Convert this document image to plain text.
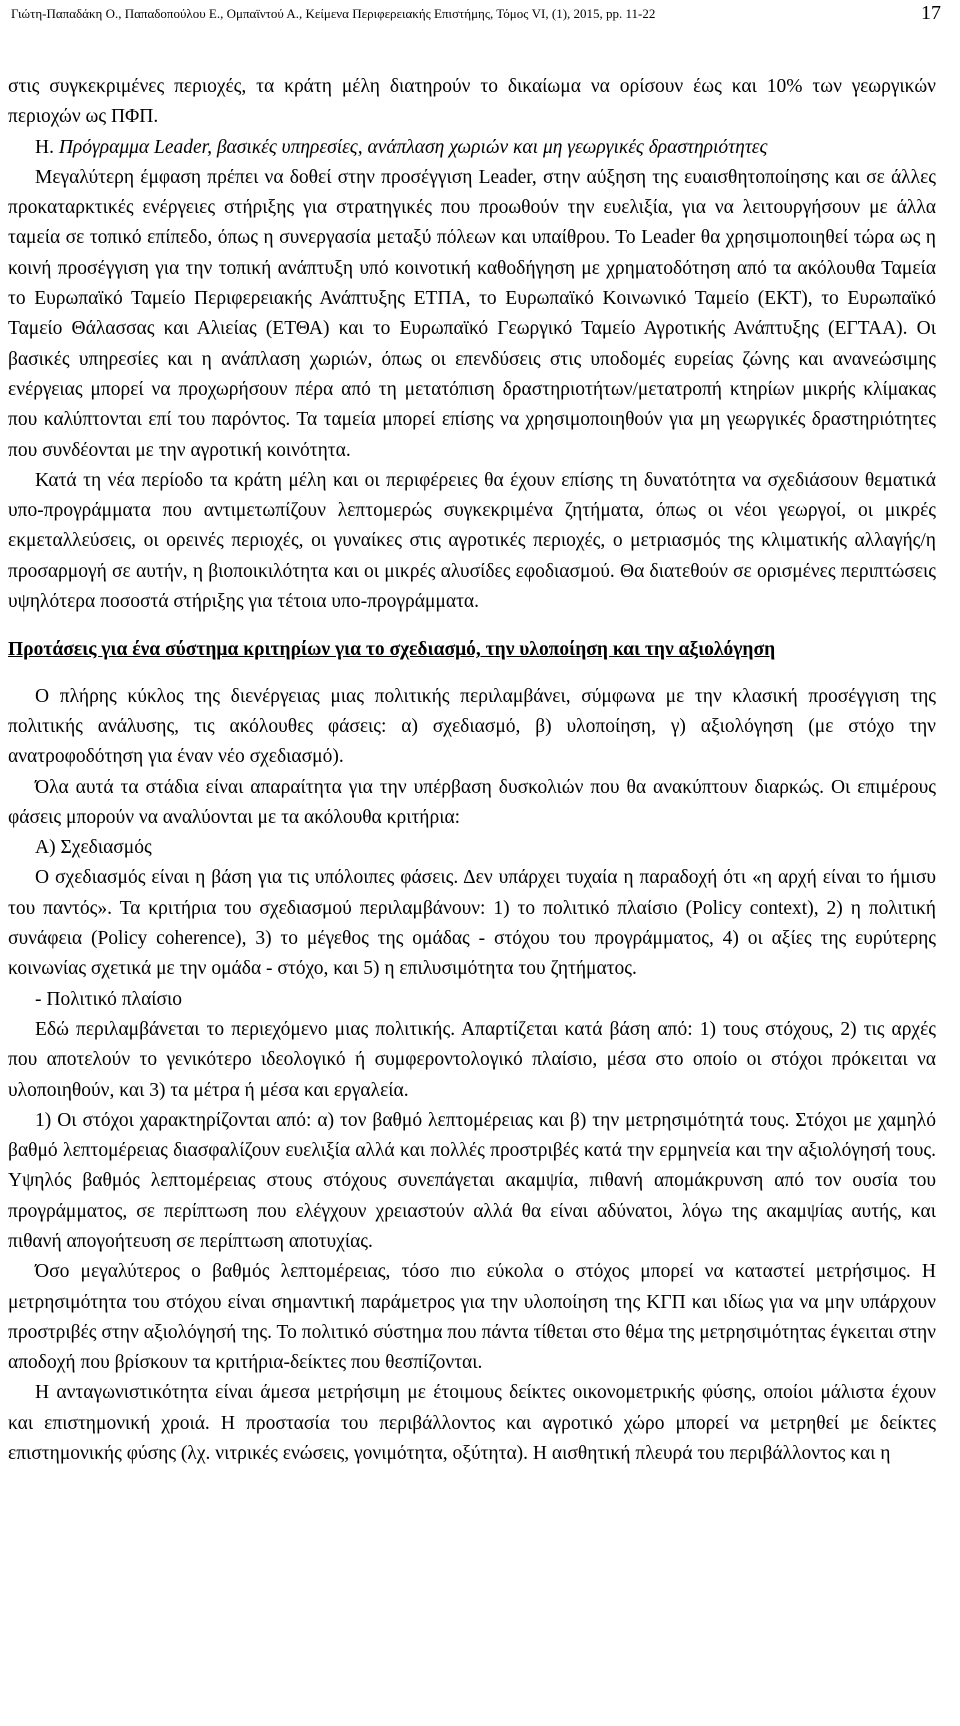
Γιώτη-Παπαδάκη Ο., Παπαδοπούλου Ε., Ομπαϊντού Α., Κείμενα Περιφερειακής Επιστήμης, Τόμος VI, (1), 2015, pp. 11-22	17

στις συγκεκριμένες περιοχές, τα κράτη μέλη διατηρούν το δικαίωμα να ορίσουν έως και 10% των γεωργικών περιοχών ως ΠΦΠ.

Η. Πρόγραμμα Leader, βασικές υπηρεσίες, ανάπλαση χωριών και μη γεωργικές δραστηριότητες

Μεγαλύτερη έμφαση πρέπει να δοθεί στην προσέγγιση Leader, στην αύξηση της ευαισθητοποίησης και σε άλλες προκαταρκτικές ενέργειες στήριξης για στρατηγικές που προωθούν την ευελιξία, για να λειτουργήσουν με άλλα ταμεία σε τοπικό επίπεδο, όπως η συνεργασία μεταξύ πόλεων και υπαίθρου. Το Leader θα χρησιμοποιηθεί τώρα ως η κοινή προσέγγιση για την τοπική ανάπτυξη υπό κοινοτική καθοδήγηση με χρηματοδότηση από τα ακόλουθα Ταμεία το Ευρωπαϊκό Ταμείο Περιφερειακής Ανάπτυξης ΕΤΠΑ, το Ευρωπαϊκό Κοινωνικό Ταμείο (ΕΚΤ), το Ευρωπαϊκό Ταμείο Θάλασσας και Αλιείας (ΕΤΘΑ) και το Ευρωπαϊκό Γεωργικό Ταμείο Αγροτικής Ανάπτυξης (ΕΓΤΑΑ). Οι βασικές υπηρεσίες και η ανάπλαση χωριών, όπως οι επενδύσεις στις υποδομές ευρείας ζώνης και ανανεώσιμης ενέργειας μπορεί να προχωρήσουν πέρα από τη μετατόπιση δραστηριοτήτων/μετατροπή κτηρίων μικρής κλίμακας που καλύπτονται επί του παρόντος. Τα ταμεία μπορεί επίσης να χρησιμοποιηθούν για μη γεωργικές δραστηριότητες που συνδέονται με την αγροτική κοινότητα.

Κατά τη νέα περίοδο τα κράτη μέλη και οι περιφέρειες θα έχουν επίσης τη δυνατότητα να σχεδιάσουν θεματικά υπο-προγράμματα που αντιμετωπίζουν λεπτομερώς συγκεκριμένα ζητήματα, όπως οι νέοι γεωργοί, οι μικρές εκμεταλλεύσεις, οι ορεινές περιοχές, οι γυναίκες στις αγροτικές περιοχές, ο μετριασμός της κλιματικής αλλαγής/η προσαρμογή σε αυτήν, η βιοποικιλότητα και οι μικρές αλυσίδες εφοδιασμού. Θα διατεθούν σε ορισμένες περιπτώσεις υψηλότερα ποσοστά στήριξης για τέτοια υπο-προγράμματα.

Προτάσεις για ένα σύστημα κριτηρίων για το σχεδιασμό, την υλοποίηση και την αξιολόγηση

Ο πλήρης κύκλος της διενέργειας μιας πολιτικής περιλαμβάνει, σύμφωνα με την κλασική προσέγγιση της πολιτικής ανάλυσης, τις ακόλουθες φάσεις: α) σχεδιασμό, β) υλοποίηση, γ) αξιολόγηση (με στόχο την ανατροφοδότηση για έναν νέο σχεδιασμό).

Όλα αυτά τα στάδια είναι απαραίτητα για την υπέρβαση δυσκολιών που θα ανακύπτουν διαρκώς. Οι επιμέρους φάσεις μπορούν να αναλύονται με τα ακόλουθα κριτήρια:

Α) Σχεδιασμός

Ο σχεδιασμός είναι η βάση για τις υπόλοιπες φάσεις. Δεν υπάρχει τυχαία η παραδοχή ότι «η αρχή είναι το ήμισυ του παντός». Τα κριτήρια του σχεδιασμού περιλαμβάνουν: 1) το πολιτικό πλαίσιο (Policy context), 2) η πολιτική συνάφεια (Policy coherence), 3) το μέγεθος της ομάδας ‐ στόχου του προγράμματος, 4) οι αξίες της ευρύτερης κοινωνίας σχετικά με την ομάδα ‐ στόχο, και 5) η επιλυσιμότητα του ζητήματος.

- Πολιτικό πλαίσιο

Εδώ περιλαμβάνεται το περιεχόμενο μιας πολιτικής. Απαρτίζεται κατά βάση από: 1) τους στόχους, 2) τις αρχές που αποτελούν το γενικότερο ιδεολογικό ή συμφεροντολογικό πλαίσιο, μέσα στο οποίο οι στόχοι πρόκειται να υλοποιηθούν, και 3) τα μέτρα ή μέσα και εργαλεία.

1) Οι στόχοι χαρακτηρίζονται από: α) τον βαθμό λεπτομέρειας και β) την μετρησιμότητά τους. Στόχοι με χαμηλό βαθμό λεπτομέρειας διασφαλίζουν ευελιξία αλλά και πολλές προστριβές κατά την ερμηνεία και την αξιολόγησή τους. Υψηλός βαθμός λεπτομέρειας στους στόχους συνεπάγεται ακαμψία, πιθανή απομάκρυνση από τον ουσία του προγράμματος, σε περίπτωση που ελέγχουν χρειαστούν αλλά θα είναι αδύνατοι, λόγω της ακαμψίας αυτής, και πιθανή απογοήτευση σε περίπτωση αποτυχίας.

Όσο μεγαλύτερος ο βαθμός λεπτομέρειας, τόσο πιο εύκολα ο στόχος μπορεί να καταστεί μετρήσιμος. Η μετρησιμότητα του στόχου είναι σημαντική παράμετρος για την υλοποίηση της ΚΓΠ και ιδίως για να μην υπάρχουν προστριβές στην αξιολόγησή της. Το πολιτικό σύστημα που πάντα τίθεται στο θέμα της μετρησιμότητας έγκειται στην αποδοχή που βρίσκουν τα κριτήρια-δείκτες που θεσπίζονται.

Η ανταγωνιστικότητα είναι άμεσα μετρήσιμη με έτοιμους δείκτες οικονομετρικής φύσης, οποίοι μάλιστα έχουν και επιστημονική χροιά. Η προστασία του περιβάλλοντος και αγροτικό χώρο μπορεί να μετρηθεί με δείκτες επιστημονικής φύσης (λχ. νιτρικές ενώσεις, γονιμότητα, οξύτητα). Η αισθητική πλευρά του περιβάλλοντος και η
